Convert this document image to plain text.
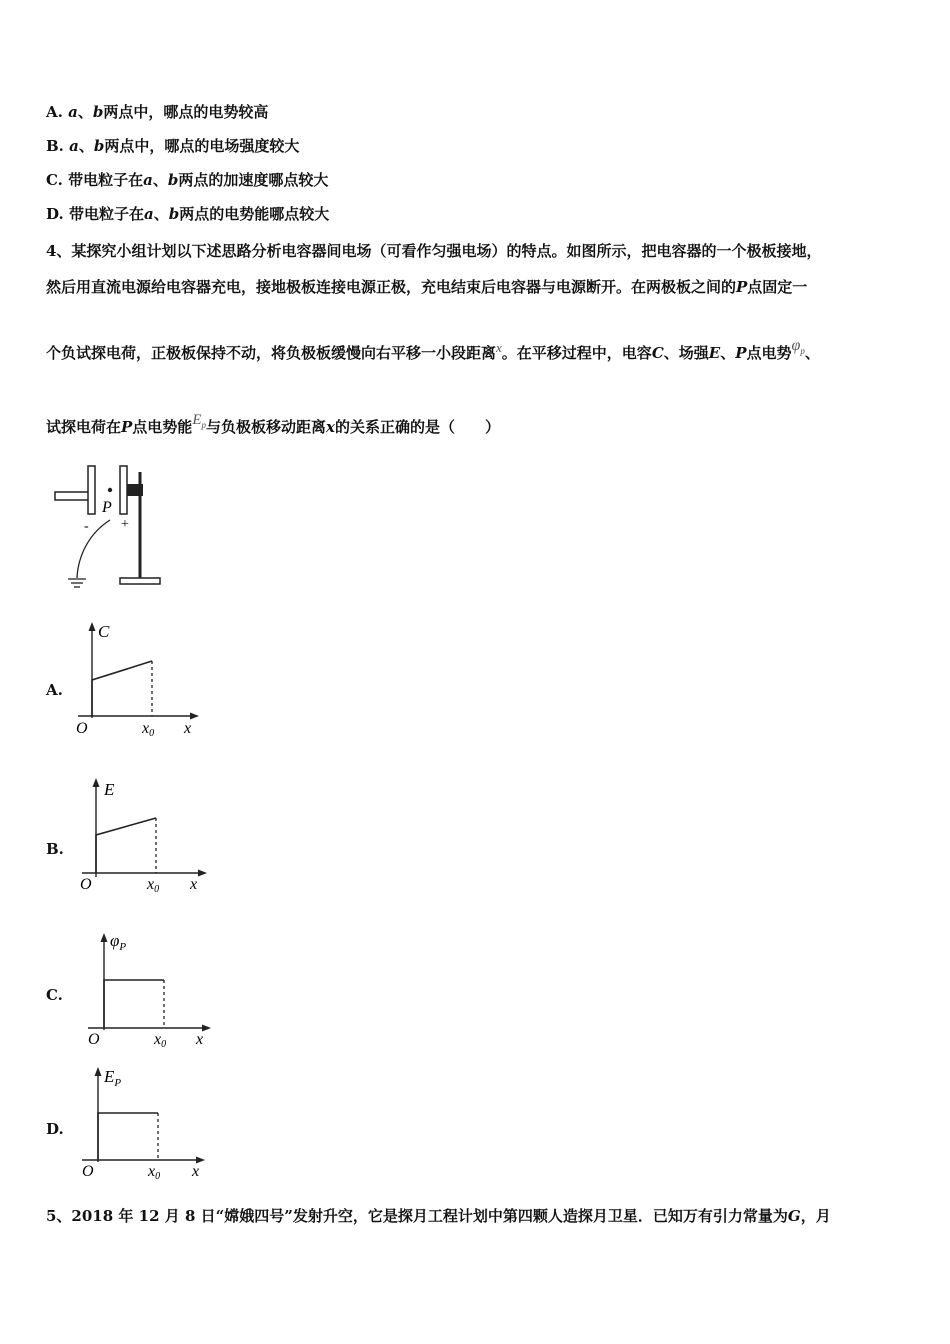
A. a、b两点中，哪点的电势较高
B. a、b两点中，哪点的电场强度较大
C. 带电粒子在a、b两点的加速度哪点较大
D. 带电粒子在a、b两点的电势能哪点较大
4、某探究小组计划以下述思路分析电容器间电场（可看作匀强电场）的特点。如图所示，把电容器的一个极板接地，
然后用直流电源给电容器充电，接地极板连接电源正极，充电结束后电容器与电源断开。在两极板之间的P点固定一
个负试探电荷，正极板保持不动，将负极板缓慢向右平移一小段距离x。在平移过程中，电容C、场强E、P点电势$\varphi^p$、
试探电荷在P点电势能$E^p$与负极板移动距离x的关系正确的是（　　）
P
- +
A.
C
O	x0 x
B.
E
O	x0 x
C.
$\varphi_P$
O	x0 x
D.
$E_P$
O	x0 x
5、2018 年 12 月 8 日“嫦娥四号”发射升空，它是探月工程计划中第四颗人造探月卫星．已知万有引力常量为G，月
